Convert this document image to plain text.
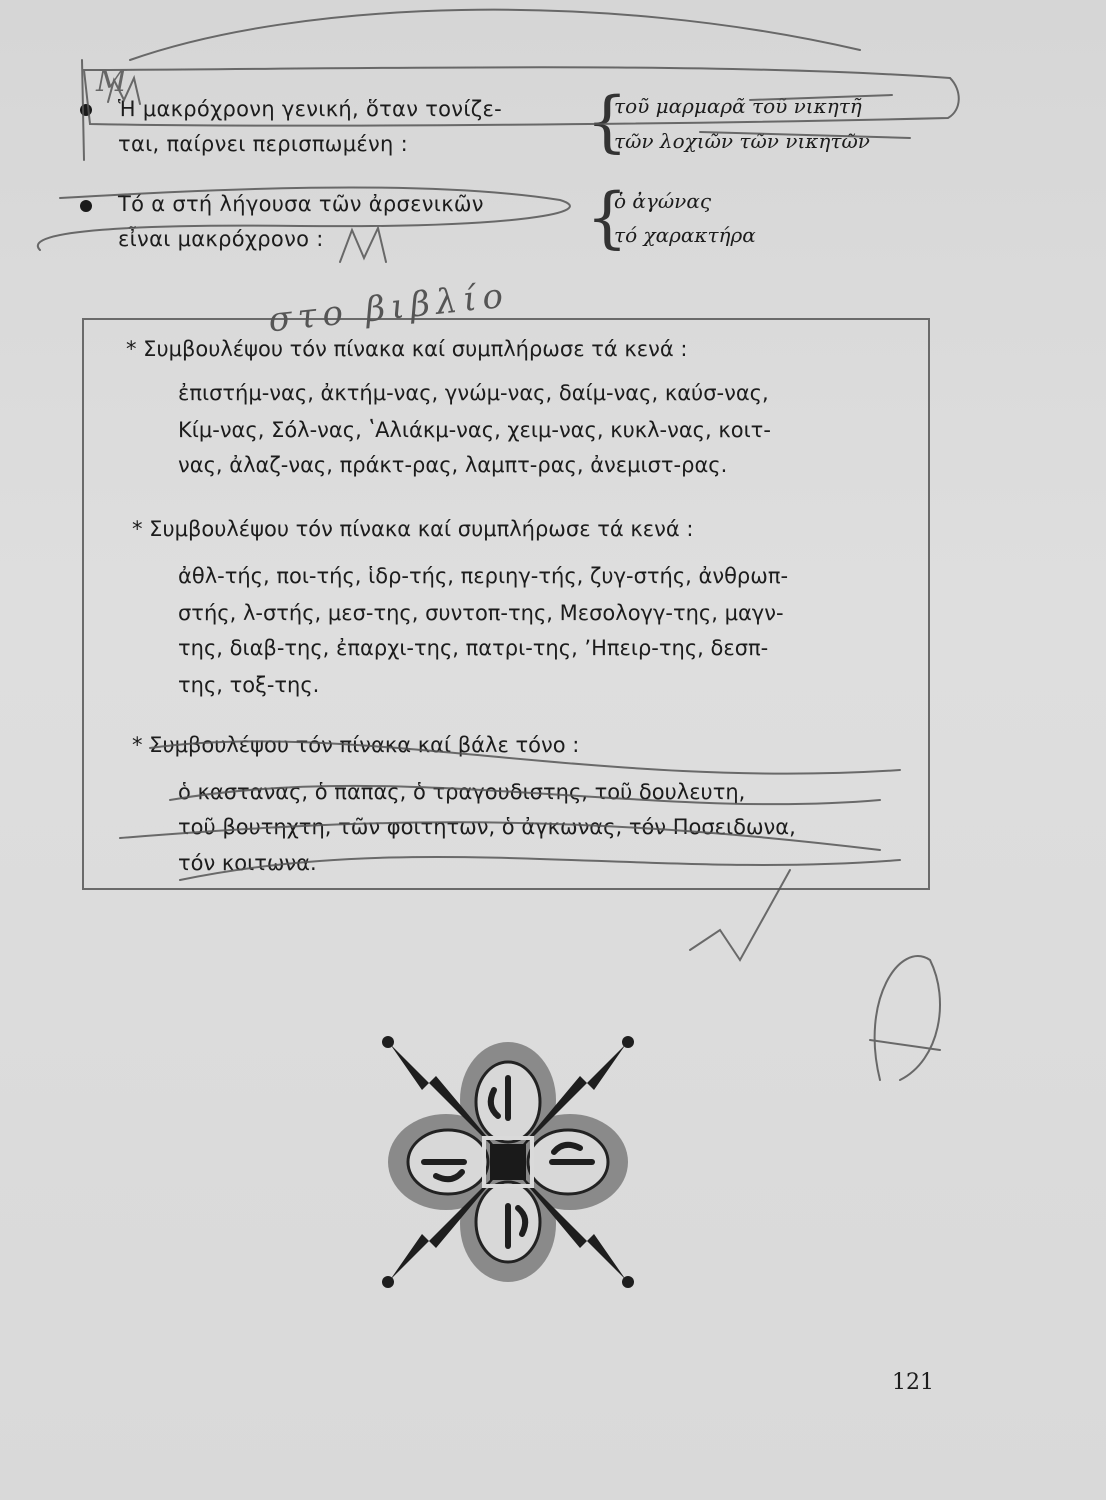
Ἡ μακρόχρονη γενική, ὅταν τονίζε-
ται, παίρνει περισπωμένη :	{
τοῦ μαρμαρᾶ τοῦ νικητῆ
τῶν λοχιῶν τῶν νικητῶν
Τό α στή λήγουσα τῶν ἀρσενικῶν
εἶναι μακρόχρονο :	{
ὁ ἀγώνας
τό χαρακτήρα
* Συμβουλέψου τόν πίνακα καί συμπλήρωσε τά κενά :
ἐπιστήμ-νας, ἀκτήμ-νας, γνώμ-νας, δαίμ-νας, καύσ-νας,
Κίμ-νας, Σόλ-νας, ʽΑλιάκμ-νας, χειμ-νας, κυκλ-νας, κοιτ-
νας, ἀλαζ-νας, πράκτ-ρας, λαμπτ-ρας, ἀνεμιστ-ρας.
* Συμβουλέψου τόν πίνακα καί συμπλήρωσε τά κενά :
ἀθλ-τής, ποι-τής, ἱδρ-τής, περιηγ-τής, ζυγ-στής, ἀνθρωπ-
στής, λ-στής, μεσ-της, συντοπ-της, Μεσολογγ-της, μαγν-
της, διαβ-της, ἐπαρχι-της, πατρι-της, ʼΗπειρ-της, δεσπ-
της, τοξ-της.
* Συμβουλέψου τόν πίνακα καί βάλε τόνο :
ὁ καστανας, ὁ παπας, ὁ τραγουδιστης, τοῦ δουλευτη,
τοῦ βουτηχτη, τῶν φοιτητων, ὁ ἀγκωνας, τόν Ποσειδωνα,
τόν κοιτωνα.
στο βιβλίο
Μ
121
